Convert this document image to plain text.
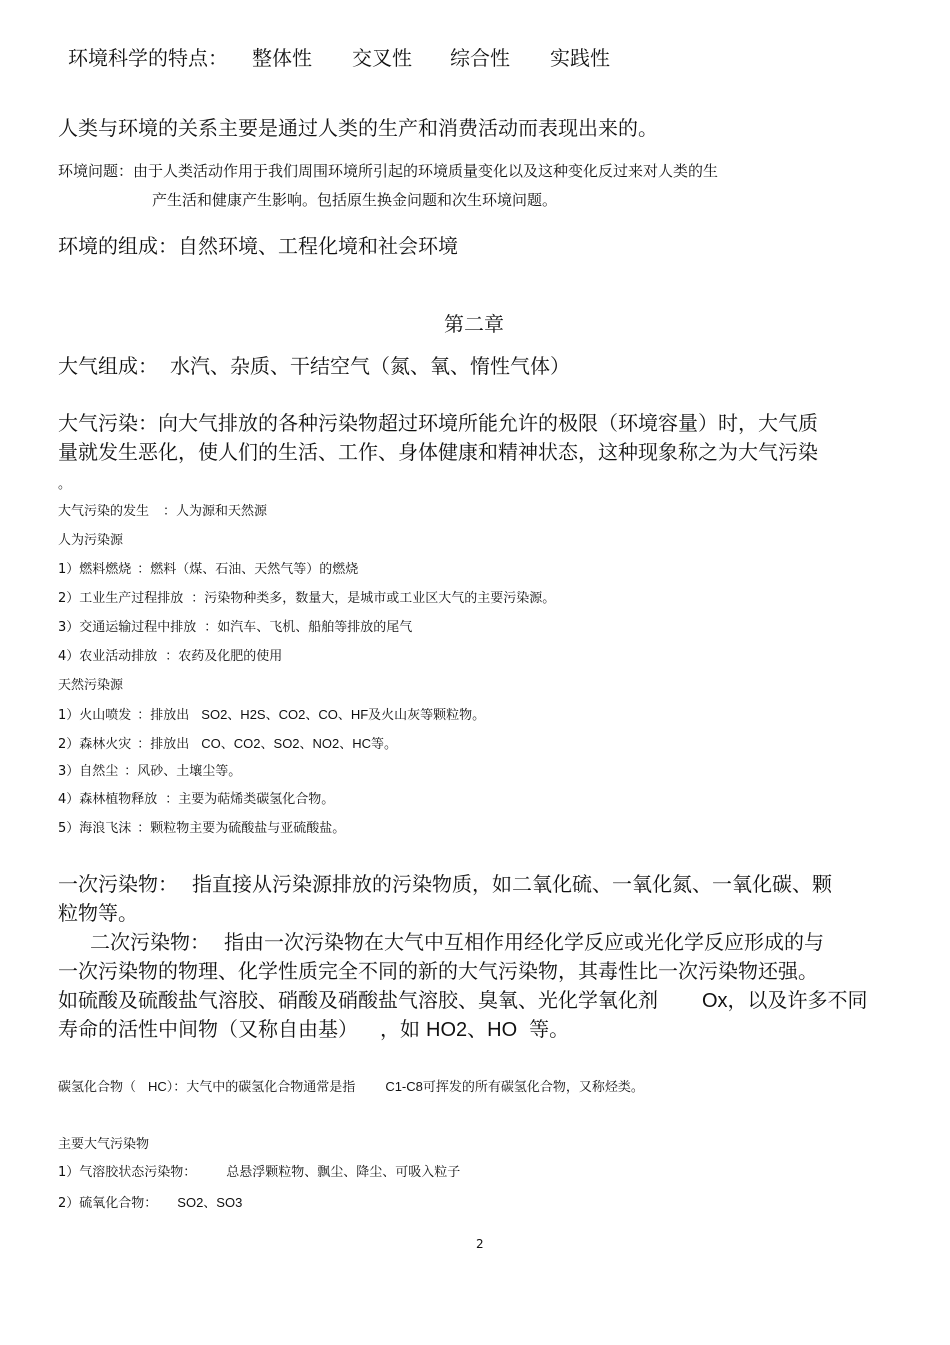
环境科学的特点： 整体性 交叉性 综合性 实践性
人类与环境的关系主要是通过人类的生产和消费活动而表现出来的。
环境问题：由于人类活动作用于我们周围环境所引起的环境质量变化以及这种变化反过来对人类的生
产生活和健康产生影响。包括原生换金问题和次生环境问题。
环境的组成：自然环境、工程化境和社会环境
第二章
大气组成： 水汽、杂质、干结空气（氮、氧、惰性气体）
大气污染：向大气排放的各种污染物超过环境所能允许的极限（环境容量）时，大气质
量就发生恶化，使人们的生活、工作、身体健康和精神状态，这种现象称之为大气污染
。
大气污染的发生 ：人为源和天然源
人为污染源
1）燃料燃烧 ：燃料（煤、石油、天然气等）的燃烧
2）工业生产过程排放 ：污染物种类多，数量大，是城市或工业区大气的主要污染源。
3）交通运输过程中排放 ：如汽车、飞机、船舶等排放的尾气
4）农业活动排放 ：农药及化肥的使用
天然污染源
1）火山喷发 ：排放出 SO2、H2S、CO2、CO、HF及火山灰等颗粒物。
2）森林火灾 ：排放出 CO、CO2、SO2、NO2、HC等。
3）自然尘 ：风砂、土壤尘等。
4）森林植物释放 ：主要为萜烯类碳氢化合物。
5）海浪飞沫 ：颗粒物主要为硫酸盐与亚硫酸盐。
一次污染物： 指直接从污染源排放的污染物质，如二氧化硫、一氧化氮、一氧化碳、颗
粒物等。
二次污染物： 指由一次污染物在大气中互相作用经化学反应或光化学反应形成的与
一次污染物的物理、化学性质完全不同的新的大气污染物，其毒性比一次污染物还强。
如硫酸及硫酸盐气溶胶、硝酸及硝酸盐气溶胶、臭氧、光化学氧化剂 Ox，以及许多不同
寿命的活性中间物（又称自由基） ，如 HO2、HO 等。
碳氢化合物（ HC）：大气中的碳氢化合物通常是指 C1-C8可挥发的所有碳氢化合物，又称烃类。
主要大气污染物
1）气溶胶状态污染物： 总悬浮颗粒物、飘尘、降尘、可吸入粒子
2）硫氧化合物： SO2、SO3
2
